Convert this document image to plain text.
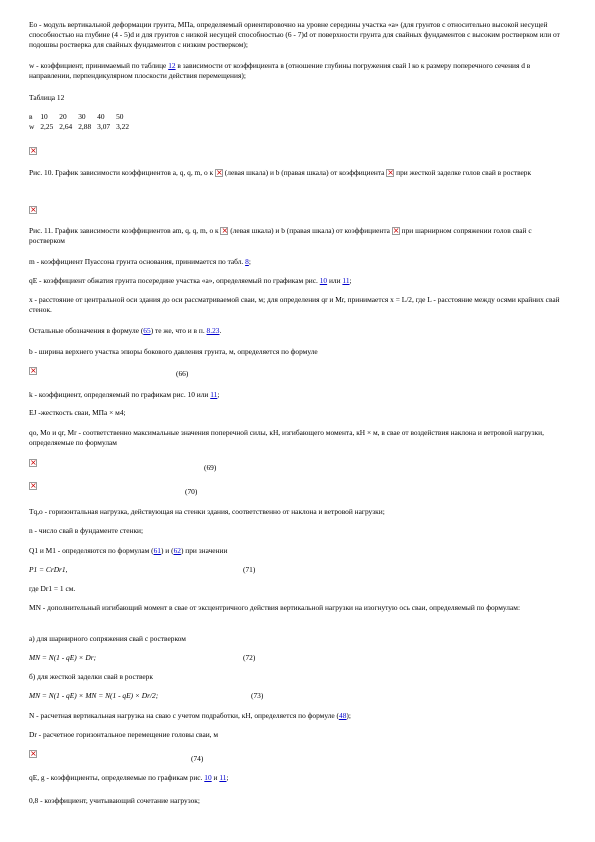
Eo - модуль вертикальной деформации грунта, МПа, определяемый ориентировочно на уровне середины участка «a» (для грунтов с относительно высокой несущей способностью на глубине (4 - 5)d и для грунтов с низкой несущей способностью (6 - 7)d от поверхности грунта для свайных фундаментов с высоким ростверком или от подошвы ростверка для свайных фундаментов с низким ростверком);
w - коэффициент, принимаемый по таблице 12 в зависимости от коэффициента в (отношение глубины погружения свай l ко к размеру поперечного сечения d в направлении, перпендикулярном плоскости действия перемещения);
Таблица 12
в	10	20	30	40	50
w	2,25	2,64	2,88	3,07	3,22
×
Рис. 10. График зависимости коэффициентов a, q, q, m, o к × (левая шкала) и b (правая шкала) от коэффициента × при жесткой заделке голов свай в ростверк
×
Рис. 11. График зависимости коэффициентов am, q, q, m, o к × (левая шкала) и b (правая шкала) от коэффициента × при шарнирном сопряжении голов свай с ростверком
m - коэффициент Пуассона грунта основания, принимается по табл. 8;
qE - коэффициент обжатия грунта посередине участка «a», определяемый по графикам рис. 10 или 11;
x - расстояние от центральной оси здания до оси рассматриваемой сваи, м; для определения qr и Mr, принимается x = L/2, где L - расстояние между осями крайних свай стенок.
Остальные обозначения в формуле (65) те же, что и в п. 8.23.
b - ширина верхнего участка эпюры бокового давления грунта, м, определяется по формуле
×
(66)
k - коэффициент, определяемый по графикам рис. 10 или 11;
EJ -жесткость сваи, МПа × м4;
qo, Mo и qr, Mr - соответственно максимальные значения поперечной силы, кН, изгибающего момента, кН × м, в свае от воздействия наклона и ветровой нагрузки, определяемые по формулам
×
(69)
×
(70)
Tq,o - горизонтальная нагрузка, действующая на стенки здания, соответственно от наклона и ветровой нагрузки;
n - число свай в фундаменте стенки;
Q1 и M1 - определяются по формулам (61) и (62) при значении
P1 = CrDr1,	(71)
где Dr1 = 1 см.
MN - дополнительный изгибающий момент в свае от эксцентричного действия вертикальной нагрузки на изогнутую ось сваи, определяемый по формулам:
а) для шарнирного сопряжения свай с ростверком
MN = N(1 - qE) × Dr;	(72)
б) для жесткой заделки свай в ростверк
MN = N(1 - qE) × MN = N(1 - qE) × Dr/2;	(73)
N - расчетная вертикальная нагрузка на сваю с учетом подработки, кН, определяется по формуле (48);
Dr - расчетное горизонтальное перемещение головы сваи, м
×
(74)
qE, g - коэффициенты, определяемые по графикам рис. 10 и 11;
0,8 - коэффициент, учитывающий сочетание нагрузок;
